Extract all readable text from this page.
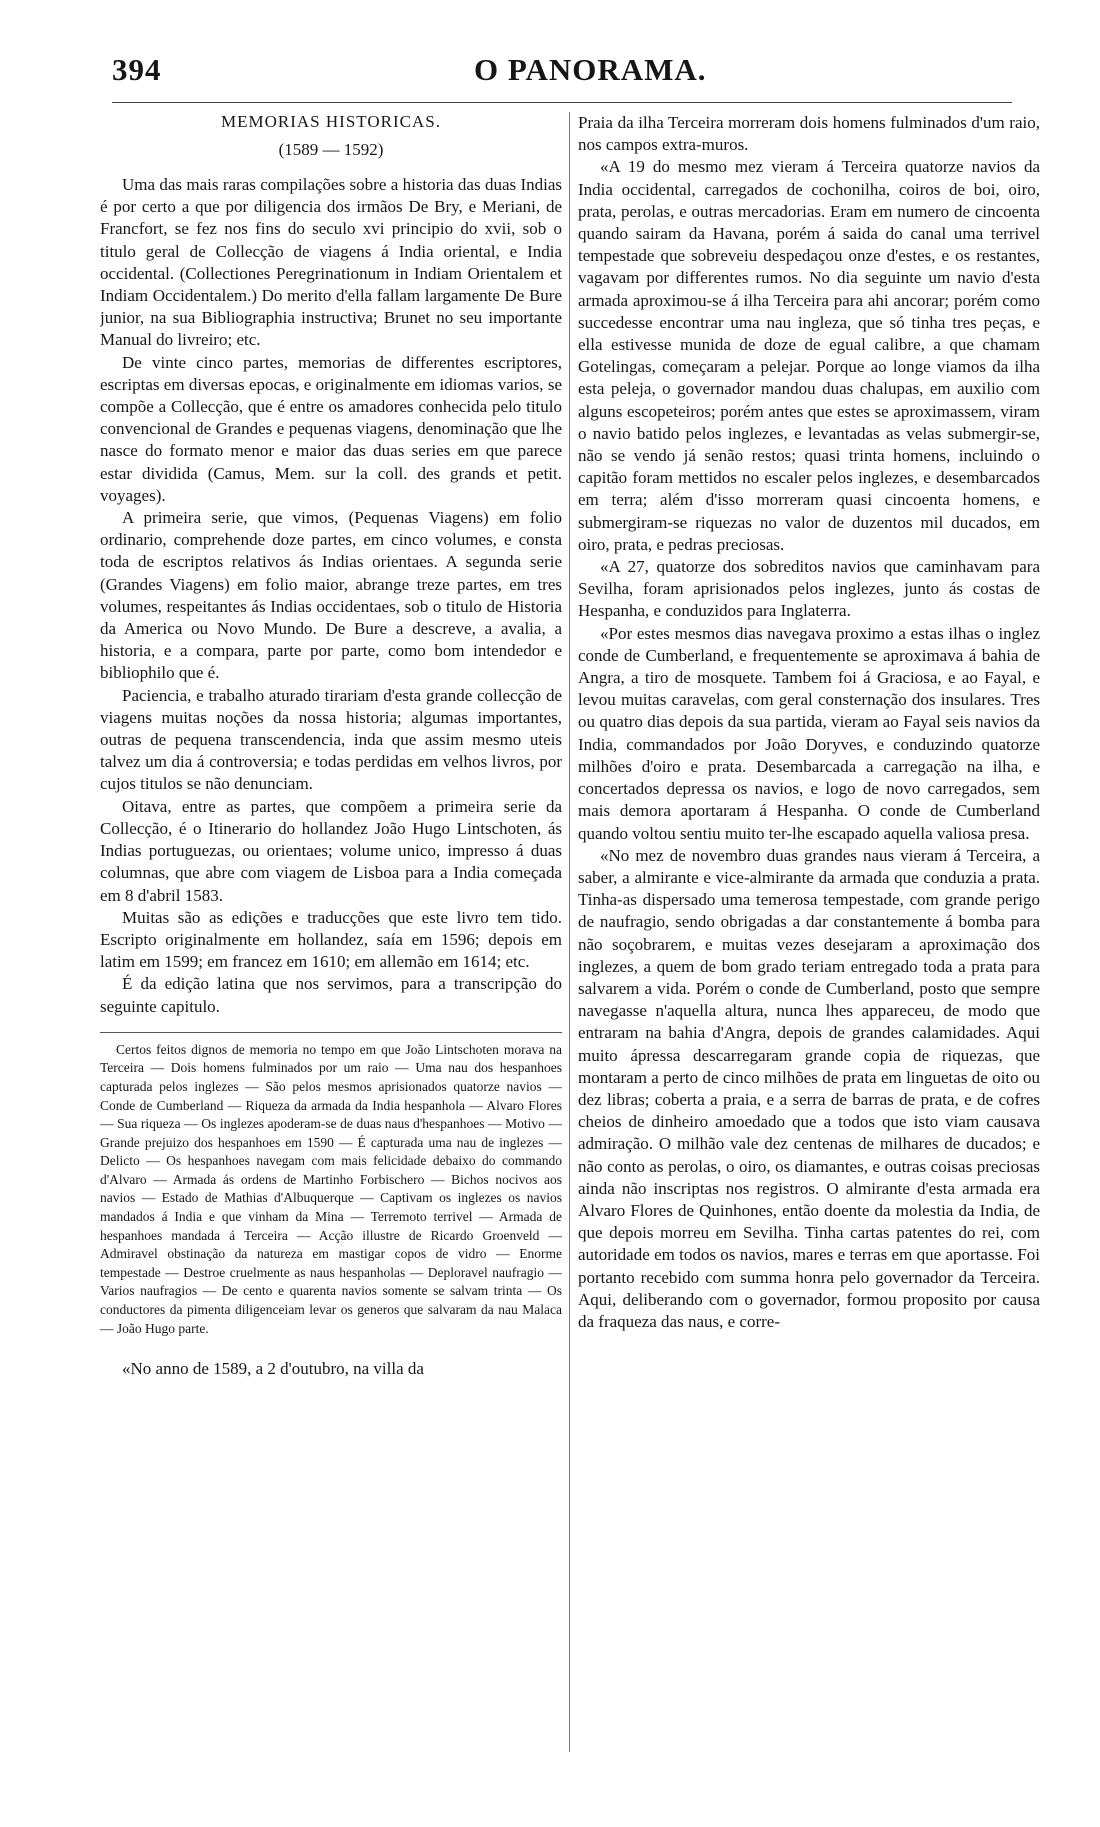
394	O PANORAMA.
MEMORIAS HISTORICAS.
(1589 — 1592)

Uma das mais raras compilações sobre a historia das duas Indias é por certo a que por diligencia dos irmãos De Bry, e Meriani, de Francfort, se fez nos fins do seculo xvi principio do xvii, sob o titulo geral de Collecção de viagens á India oriental, e India occidental. (Collectiones Peregrinationum in Indiam Orientalem et Indiam Occidentalem.) Do merito d'ella fallam largamente De Bure junior, na sua Bibliographia instructiva; Brunet no seu importante Manual do livreiro; etc.

De vinte cinco partes, memorias de differentes escriptores, escriptas em diversas epocas, e originalmente em idiomas varios, se compõe a Collecção, que é entre os amadores conhecida pelo titulo convencional de Grandes e pequenas viagens, denominação que lhe nasce do formato menor e maior das duas series em que parece estar dividida (Camus, Mem. sur la coll. des grands et petit. voyages).

A primeira serie, que vimos, (Pequenas Viagens) em folio ordinario, comprehende doze partes, em cinco volumes, e consta toda de escriptos relativos ás Indias orientaes. A segunda serie (Grandes Viagens) em folio maior, abrange treze partes, em tres volumes, respeitantes ás Indias occidentaes, sob o titulo de Historia da America ou Novo Mundo. De Bure a descreve, a avalia, a historia, e a compara, parte por parte, como bom intendedor e bibliophilo que é.

Paciencia, e trabalho aturado tirariam d'esta grande collecção de viagens muitas noções da nossa historia; algumas importantes, outras de pequena transcendencia, inda que assim mesmo uteis talvez um dia á controversia; e todas perdidas em velhos livros, por cujos titulos se não denunciam.

Oitava, entre as partes, que compõem a primeira serie da Collecção, é o Itinerario do hollandez João Hugo Lintschoten, ás Indias portuguezas, ou orientaes; volume unico, impresso á duas columnas, que abre com viagem de Lisboa para a India começada em 8 d'abril 1583.

Muitas são as edições e traducções que este livro tem tido. Escripto originalmente em hollandez, saía em 1596; depois em latim em 1599; em francez em 1610; em allemão em 1614; etc.

É da edição latina que nos servimos, para a transcripção do seguinte capitulo.

Certos feitos dignos de memoria no tempo em que João Lintschoten morava na Terceira — Dois homens fulminados por um raio — Uma nau dos hespanhoes capturada pelos inglezes — São pelos mesmos aprisionados quatorze navios — Conde de Cumberland — Riqueza da armada da India hespanhola — Alvaro Flores — Sua riqueza — Os inglezes apoderam-se de duas naus d'hespanhoes — Motivo — Grande prejuizo dos hespanhoes em 1590 — É capturada uma nau de inglezes — Delicto — Os hespanhoes navegam com mais felicidade debaixo do commando d'Alvaro — Armada ás ordens de Martinho Forbischero — Bichos nocivos aos navios — Estado de Mathias d'Albuquerque — Captivam os inglezes os navios mandados á India e que vinham da Mina — Terremoto terrivel — Armada de hespanhoes mandada á Terceira — Acção illustre de Ricardo Groenveld — Admiravel obstinação da natureza em mastigar copos de vidro — Enorme tempestade — Destroe cruelmente as naus hespanholas — Deploravel naufragio — Varios naufragios — De cento e quarenta navios somente se salvam trinta — Os conductores da pimenta diligenceiam levar os generos que salvaram da nau Malaca — João Hugo parte.

«No anno de 1589, a 2 d'outubro, na villa da

Praia da ilha Terceira morreram dois homens fulminados d'um raio, nos campos extra-muros.

«A 19 do mesmo mez vieram á Terceira quatorze navios da India occidental, carregados de cochonilha, coiros de boi, oiro, prata, perolas, e outras mercadorias. Eram em numero de cincoenta quando sairam da Havana, porém á saida do canal uma terrivel tempestade que sobreveiu despedaçou onze d'estes, e os restantes, vagavam por differentes rumos. No dia seguinte um navio d'esta armada aproximou-se á ilha Terceira para ahi ancorar; porém como succedesse encontrar uma nau ingleza, que só tinha tres peças, e ella estivesse munida de doze de egual calibre, a que chamam Gotelingas, começaram a pelejar. Porque ao longe viamos da ilha esta peleja, o governador mandou duas chalupas, em auxilio com alguns escopeteiros; porém antes que estes se aproximassem, viram o navio batido pelos inglezes, e levantadas as velas submergir-se, não se vendo já senão restos; quasi trinta homens, incluindo o capitão foram mettidos no escaler pelos inglezes, e desembarcados em terra; além d'isso morreram quasi cincoenta homens, e submergiram-se riquezas no valor de duzentos mil ducados, em oiro, prata, e pedras preciosas.

«A 27, quatorze dos sobreditos navios que caminhavam para Sevilha, foram aprisionados pelos inglezes, junto ás costas de Hespanha, e conduzidos para Inglaterra.

«Por estes mesmos dias navegava proximo a estas ilhas o inglez conde de Cumberland, e frequentemente se aproximava á bahia de Angra, a tiro de mosquete. Tambem foi á Graciosa, e ao Fayal, e levou muitas caravelas, com geral consternação dos insulares. Tres ou quatro dias depois da sua partida, vieram ao Fayal seis navios da India, commandados por João Doryves, e conduzindo quatorze milhões d'oiro e prata. Desembarcada a carregação na ilha, e concertados depressa os navios, e logo de novo carregados, sem mais demora aportaram á Hespanha. O conde de Cumberland quando voltou sentiu muito ter-lhe escapado aquella valiosa presa.

«No mez de novembro duas grandes naus vieram á Terceira, a saber, a almirante e vice-almirante da armada que conduzia a prata. Tinha-as dispersado uma temerosa tempestade, com grande perigo de naufragio, sendo obrigadas a dar constantemente á bomba para não soçobrarem, e muitas vezes desejaram a aproximação dos inglezes, a quem de bom grado teriam entregado toda a prata para salvarem a vida. Porém o conde de Cumberland, posto que sempre navegasse n'aquella altura, nunca lhes appareceu, de modo que entraram na bahia d'Angra, depois de grandes calamidades. Aqui muito ápressa descarregaram grande copia de riquezas, que montaram a perto de cinco milhões de prata em linguetas de oito ou dez libras; coberta a praia, e a serra de barras de prata, e de cofres cheios de dinheiro amoedado que a todos que isto viam causava admiração. O milhão vale dez centenas de milhares de ducados; e não conto as perolas, o oiro, os diamantes, e outras coisas preciosas ainda não inscriptas nos registros. O almirante d'esta armada era Alvaro Flores de Quinhones, então doente da molestia da India, de que depois morreu em Sevilha. Tinha cartas patentes do rei, com autoridade em todos os navios, mares e terras em que aportasse. Foi portanto recebido com summa honra pelo governador da Terceira. Aqui, deliberando com o governador, formou proposito por causa da fraqueza das naus, e corre-
